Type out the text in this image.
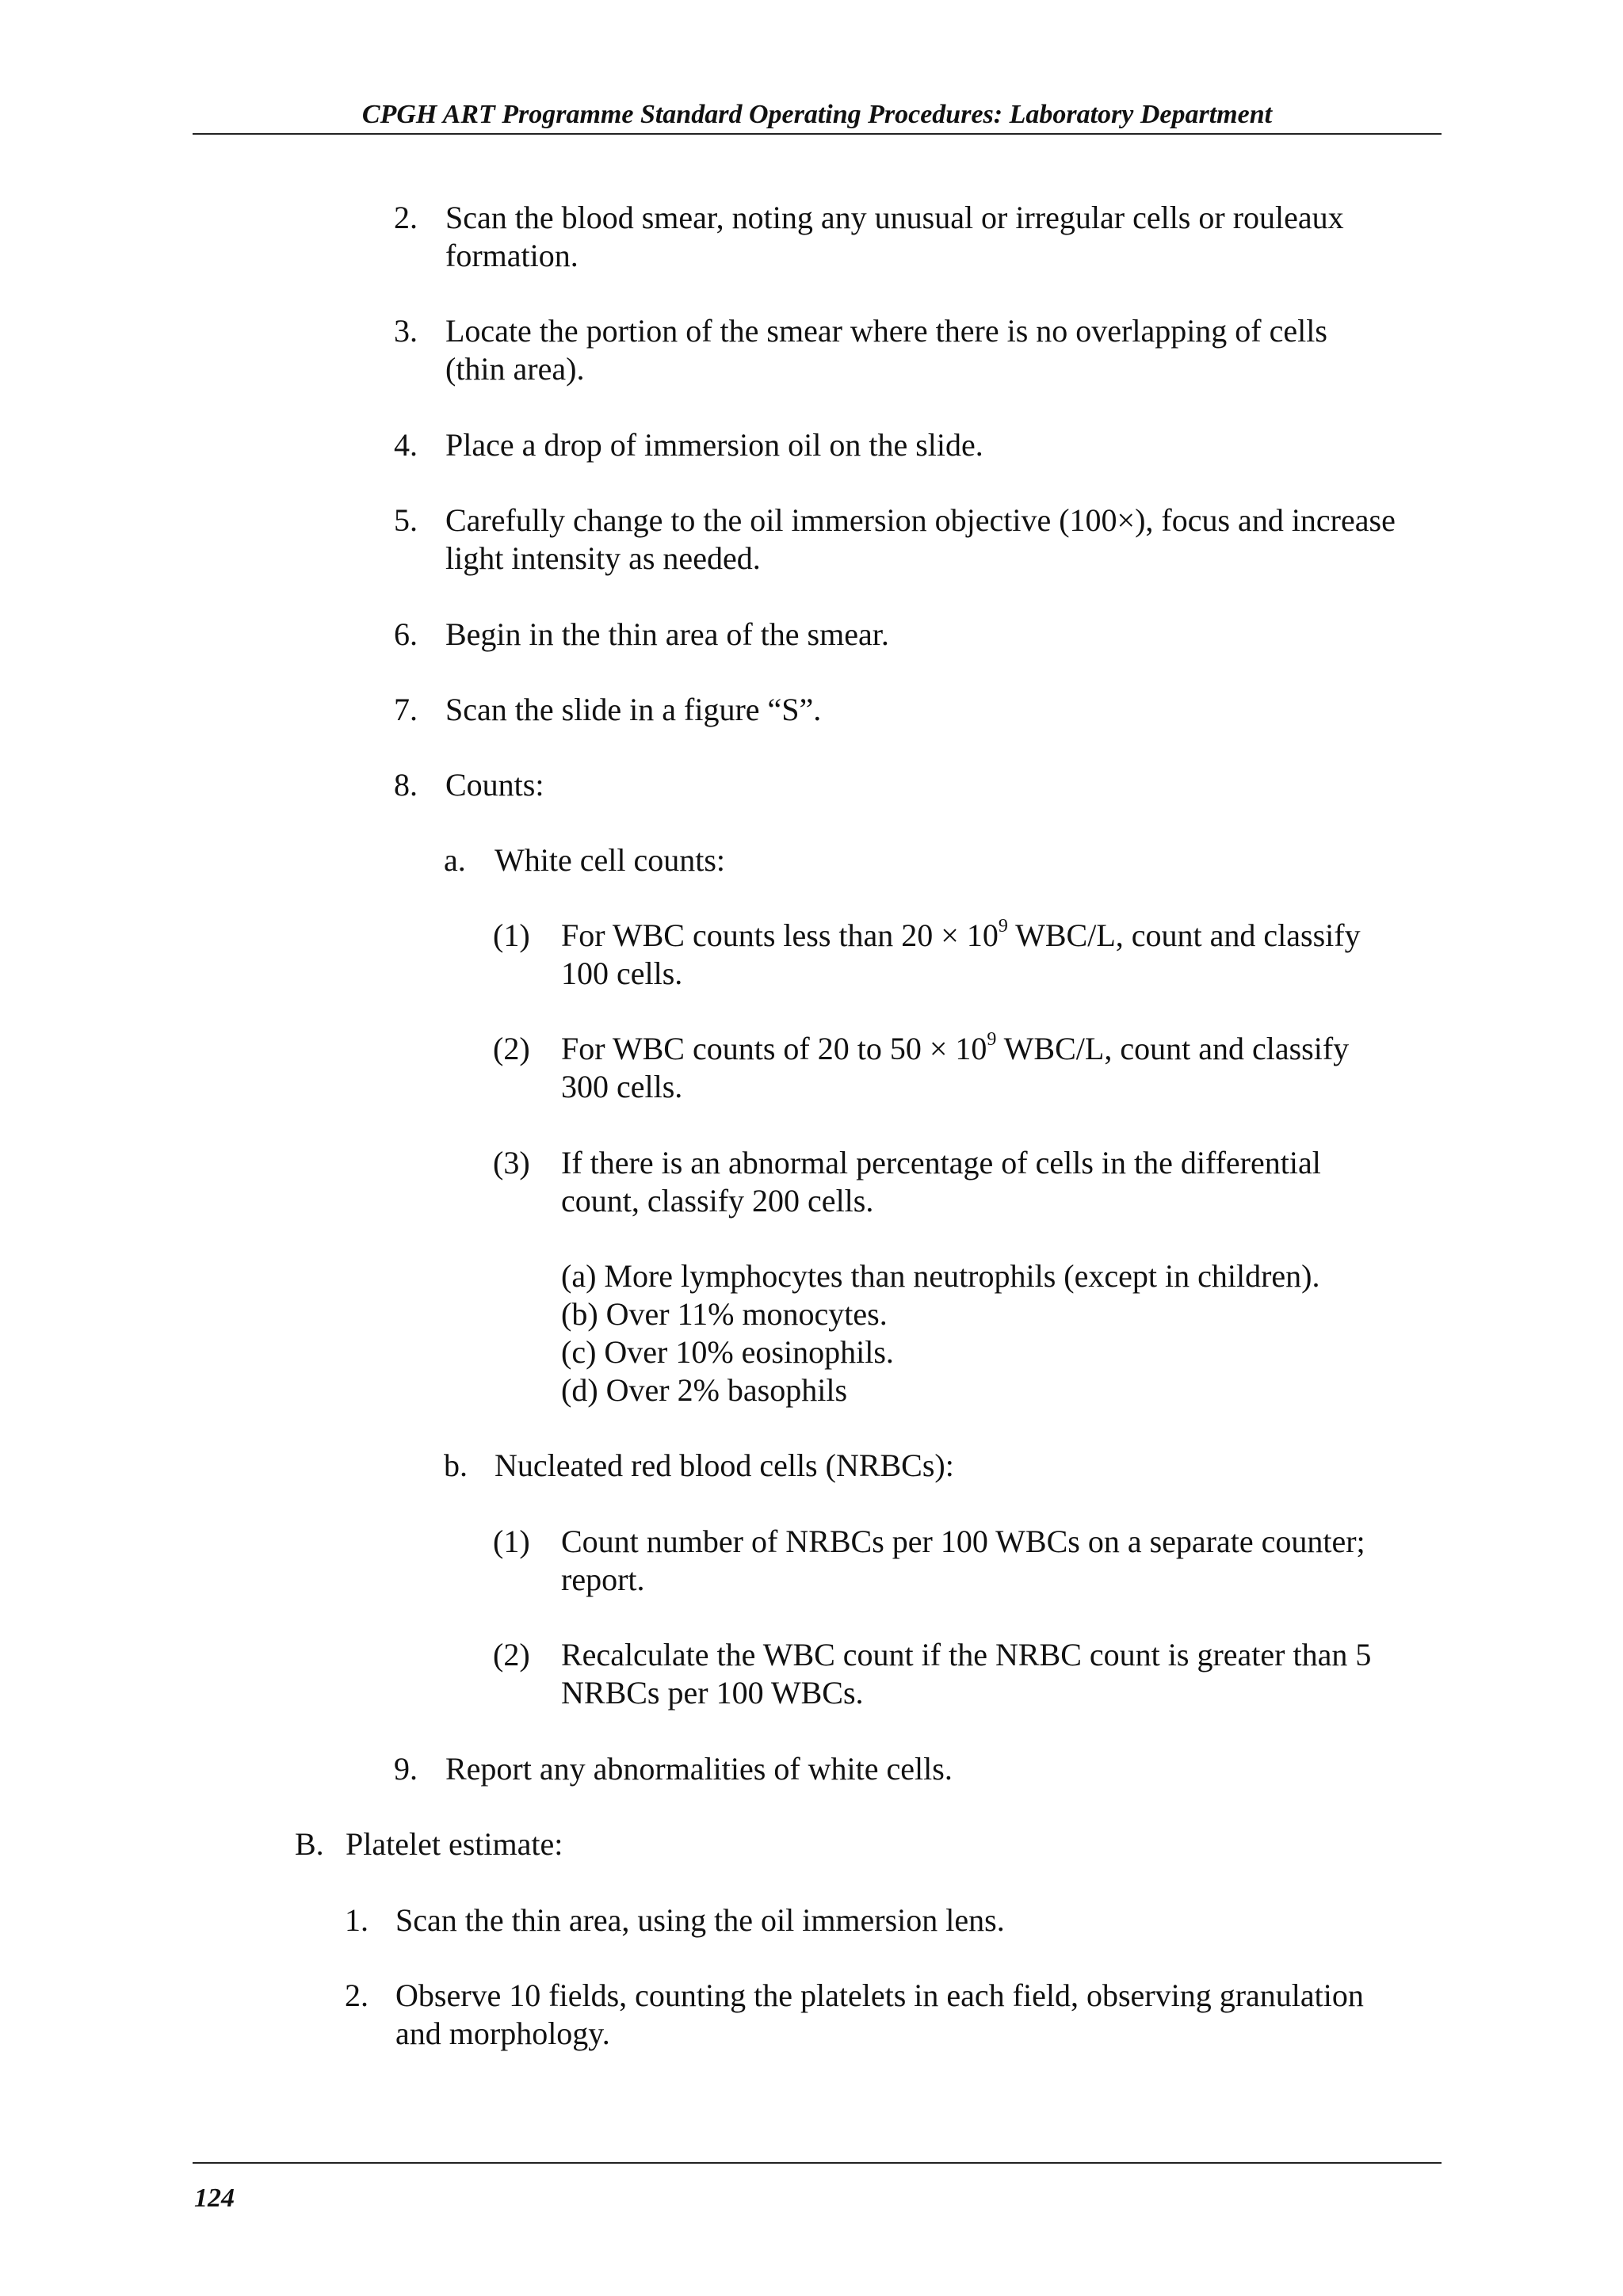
CPGH ART Programme Standard Operating Procedures: Laboratory Department
2. Scan the blood smear, noting any unusual or irregular cells or rouleaux
formation.
3. Locate the portion of the smear where there is no overlapping of cells
(thin area).
4. Place a drop of immersion oil on the slide.
5. Carefully change to the oil immersion objective (100×), focus and increase
light intensity as needed.
6. Begin in the thin area of the smear.
7. Scan the slide in a figure “S”.
8. Counts:
a. White cell counts:
(1) For WBC counts less than $20 \times 10^9$ WBC/L, count and classify
100 cells.
(2) For WBC counts of 20 to $50 \times 10^9$ WBC/L, count and classify
300 cells.
(3) If there is an abnormal percentage of cells in the differential
count, classify 200 cells.
(a) More lymphocytes than neutrophils (except in children).
(b) Over 11% monocytes.
(c) Over 10% eosinophils.
(d) Over 2% basophils
b. Nucleated red blood cells (NRBCs):
(1) Count number of NRBCs per 100 WBCs on a separate counter;
report.
(2) Recalculate the WBC count if the NRBC count is greater than 5
NRBCs per 100 WBCs.
9. Report any abnormalities of white cells.
B. Platelet estimate:
1. Scan the thin area, using the oil immersion lens.
2. Observe 10 fields, counting the platelets in each field, observing granulation
and morphology.
124
